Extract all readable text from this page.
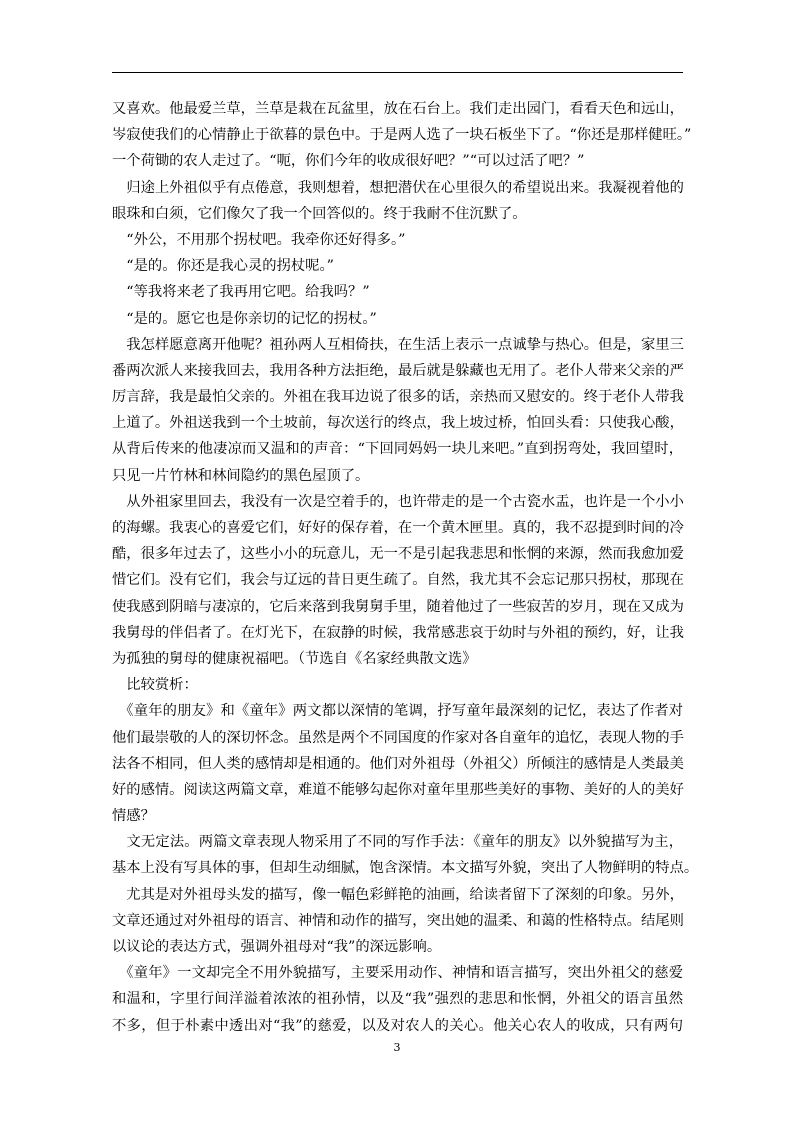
又喜欢。他最爱兰草，兰草是栽在瓦盆里，放在石台上。我们走出园门，看看天色和远山，
岑寂使我们的心情静止于欲暮的景色中。于是两人选了一块石板坐下了。“你还是那样健旺。”
一个荷锄的农人走过了。“呃，你们今年的收成很好吧？”“可以过活了吧？”
　归途上外祖似乎有点倦意，我则想着，想把潜伏在心里很久的希望说出来。我凝视着他的
眼珠和白须，它们像欠了我一个回答似的。终于我耐不住沉默了。
　“外公，不用那个拐杖吧。我牵你还好得多。”
　“是的。你还是我心灵的拐杖呢。”
　“等我将来老了我再用它吧。给我吗？”
　“是的。愿它也是你亲切的记忆的拐杖。”
　我怎样愿意离开他呢？祖孙两人互相倚扶，在生活上表示一点诚挚与热心。但是，家里三
番两次派人来接我回去，我用各种方法拒绝，最后就是躲藏也无用了。老仆人带来父亲的严
厉言辞，我是最怕父亲的。外祖在我耳边说了很多的话，亲热而又慰安的。终于老仆人带我
上道了。外祖送我到一个土坡前，每次送行的终点，我上坡过桥，怕回头看：只使我心酸，
从背后传来的他凄凉而又温和的声音：“下回同妈妈一块儿来吧。”直到拐弯处，我回望时，
只见一片竹林和林间隐约的黑色屋顶了。
　从外祖家里回去，我没有一次是空着手的，也许带走的是一个古瓷水盂，也许是一个小小
的海螺。我衷心的喜爱它们，好好的保存着，在一个黄木匣里。真的，我不忍提到时间的冷
酷，很多年过去了，这些小小的玩意儿，无一不是引起我悲思和怅惘的来源，然而我愈加爱
惜它们。没有它们，我会与辽远的昔日更生疏了。自然，我尤其不会忘记那只拐杖，那现在
使我感到阴暗与凄凉的，它后来落到我舅舅手里，随着他过了一些寂苦的岁月，现在又成为
我舅母的伴侣者了。在灯光下，在寂静的时候，我常感悲哀于幼时与外祖的预约，好，让我
为孤独的舅母的健康祝福吧。（节选自《名家经典散文选》
　比较赏析：
　《童年的朋友》和《童年》两文都以深情的笔调，抒写童年最深刻的记忆，表达了作者对
他们最崇敬的人的深切怀念。虽然是两个不同国度的作家对各自童年的追忆，表现人物的手
法各不相同，但人类的感情却是相通的。他们对外祖母（外祖父）所倾注的感情是人类最美
好的感情。阅读这两篇文章，难道不能够勾起你对童年里那些美好的事物、美好的人的美好
情感？
　文无定法。两篇文章表现人物采用了不同的写作手法：《童年的朋友》以外貌描写为主，
基本上没有写具体的事，但却生动细腻，饱含深情。本文描写外貌，突出了人物鲜明的特点。
　尤其是对外祖母头发的描写，像一幅色彩鲜艳的油画，给读者留下了深刻的印象。另外，
文章还通过对外祖母的语言、神情和动作的描写，突出她的温柔、和蔼的性格特点。结尾则
以议论的表达方式，强调外祖母对“我”的深远影响。
　《童年》一文却完全不用外貌描写，主要采用动作、神情和语言描写，突出外祖父的慈爱
和温和，字里行间洋溢着浓浓的祖孙情，以及“我”强烈的悲思和怅惘，外祖父的语言虽然
不多，但于朴素中透出对“我”的慈爱，以及对农人的关心。他关心农人的收成，只有两句
3
